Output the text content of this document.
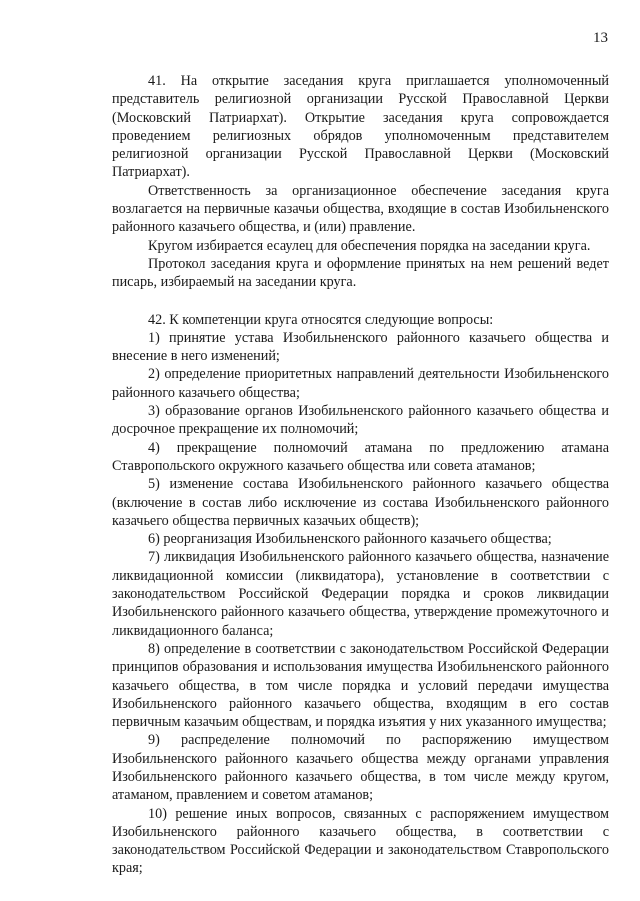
13

41. На открытие заседания круга приглашается уполномоченный представитель религиозной организации Русской Православной Церкви (Московский Патриархат). Открытие заседания круга сопровождается проведением религиозных обрядов уполномоченным представителем религиозной организации Русской Православной Церкви (Московский Патриархат).

Ответственность за организационное обеспечение заседания круга возлагается на первичные казачьи общества, входящие в состав Изобильненского районного казачьего общества, и (или) правление.

Кругом избирается есаулец для обеспечения порядка на заседании круга.

Протокол заседания круга и оформление принятых на нем решений ведет писарь, избираемый на заседании круга.

42. К компетенции круга относятся следующие вопросы:

1) принятие устава Изобильненского районного казачьего общества и внесение в него изменений;

2) определение приоритетных направлений деятельности Изобильненского районного казачьего общества;

3) образование органов Изобильненского районного казачьего общества и досрочное прекращение их полномочий;

4) прекращение полномочий атамана по предложению атамана Ставропольского окружного казачьего общества или совета атаманов;

5) изменение состава Изобильненского районного казачьего общества (включение в состав либо исключение из состава Изобильненского районного казачьего общества первичных казачьих обществ);

6) реорганизация Изобильненского районного казачьего общества;

7) ликвидация Изобильненского районного казачьего общества, назначение ликвидационной комиссии (ликвидатора), установление в соответствии с законодательством Российской Федерации порядка и сроков ликвидации Изобильненского районного казачьего общества, утверждение промежуточного и ликвидационного баланса;

8) определение в соответствии с законодательством Российской Федерации принципов образования и использования имущества Изобильненского районного казачьего общества, в том числе порядка и условий передачи имущества Изобильненского районного казачьего общества, входящим в его состав первичным казачьим обществам, и порядка изъятия у них указанного имущества;

9) распределение полномочий по распоряжению имуществом Изобильненского районного казачьего общества между органами управления Изобильненского районного казачьего общества, в том числе между кругом, атаманом, правлением и советом атаманов;

10) решение иных вопросов, связанных с распоряжением имуществом Изобильненского районного казачьего общества, в соответствии с законодательством Российской Федерации и законодательством Ставропольского края;
